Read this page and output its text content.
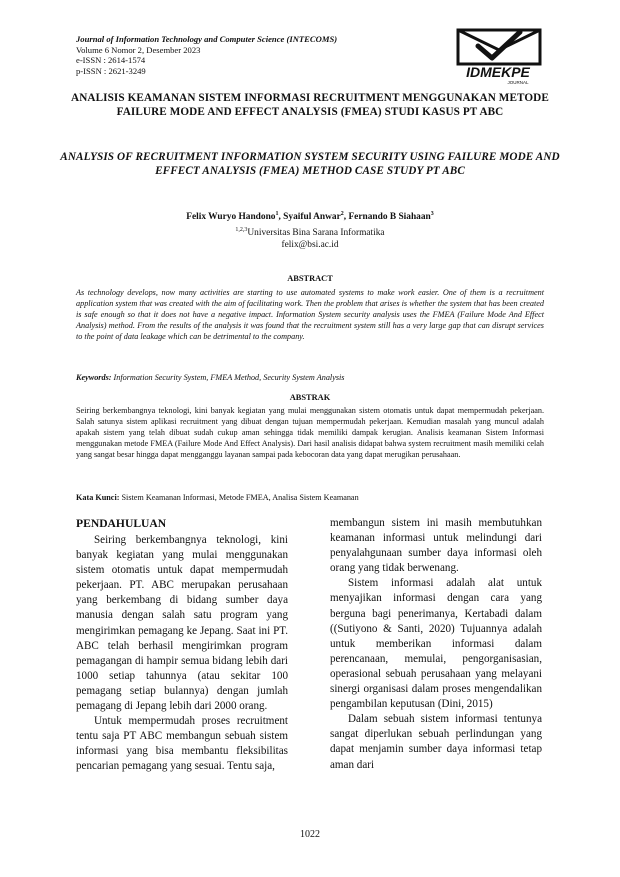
Journal of Information Technology and Computer Science (INTECOMS)
Volume 6 Nomor 2, Desember 2023
e-ISSN : 2614-1574
p-ISSN : 2621-3249	IDMEKPE
JOURNAL
ANALISIS KEAMANAN SISTEM INFORMASI RECRUITMENT MENGGUNAKAN METODE FAILURE MODE AND EFFECT ANALYSIS (FMEA) STUDI KASUS PT ABC
ANALYSIS OF RECRUITMENT INFORMATION SYSTEM SECURITY USING FAILURE MODE AND EFFECT ANALYSIS (FMEA) METHOD CASE STUDY PT ABC
Felix Wuryo Handono$^1$, Syaiful Anwar$^2$, Fernando B Siahaan$^3$
$^{1,2,3}$Universitas Bina Sarana Informatika
felix@bsi.ac.id
ABSTRACT
As technology develops, now many activities are starting to use automated systems to make work easier. One of them is a recruitment application system that was created with the aim of facilitating work. Then the problem that arises is whether the system that has been created is safe enough so that it does not have a negative impact. Information System security analysis uses the FMEA (Failure Mode And Effect Analysis) method. From the results of the analysis it was found that the recruitment system still has a very large gap that can disrupt services to the point of data leakage which can be detrimental to the company.
Keywords: Information Security System, FMEA Method, Security System Analysis
ABSTRAK
Seiring berkembangnya teknologi, kini banyak kegiatan yang mulai menggunakan sistem otomatis untuk dapat mempermudah pekerjaan. Salah satunya sistem aplikasi recruitment yang dibuat dengan tujuan mempermudah pekerjaan. Kemudian masalah yang muncul adalah apakah sistem yang telah dibuat sudah cukup aman sehingga tidak memiliki dampak kerugian. Analisis keamanan Sistem Informasi menggunakan metode FMEA (Failure Mode And Effect Analysis). Dari hasil analisis didapat bahwa system recruitment masih memiliki celah yang sangat besar hingga dapat mengganggu layanan sampai pada kebocoran data yang dapat merugikan perusahaan.
Kata Kunci: Sistem Keamanan Informasi, Metode FMEA, Analisa Sistem Keamanan
PENDAHULUAN

Seiring berkembangnya teknologi, kini banyak kegiatan yang mulai menggunakan sistem otomatis untuk dapat mempermudah pekerjaan. PT. ABC merupakan perusahaan yang berkembang di bidang sumber daya manusia dengan salah satu program yang mengirimkan pemagang ke Jepang. Saat ini PT. ABC telah berhasil mengirimkan program pemagangan di hampir semua bidang lebih dari 1000 setiap tahunnya (atau sekitar 100 pemagang setiap bulannya) dengan jumlah pemagang di Jepang lebih dari 2000 orang.

Untuk mempermudah proses recruitment tentu saja PT ABC membangun sebuah sistem informasi yang bisa membantu fleksibilitas pencarian pemagang yang sesuai. Tentu saja,

membangun sistem ini masih membutuhkan keamanan informasi untuk melindungi dari penyalahgunaan sumber daya informasi oleh orang yang tidak berwenang.

Sistem informasi adalah alat untuk menyajikan informasi dengan cara yang berguna bagi penerimanya, Kertabadi dalam ((Sutiyono & Santi, 2020) Tujuannya adalah untuk memberikan informasi dalam perencanaan, memulai, pengorganisasian, operasional sebuah perusahaan yang melayani sinergi organisasi dalam proses mengendalikan pengambilan keputusan (Dini, 2015)

Dalam sebuah sistem informasi tentunya sangat diperlukan sebuah perlindungan yang dapat menjamin sumber daya informasi tetap aman dari

1022
